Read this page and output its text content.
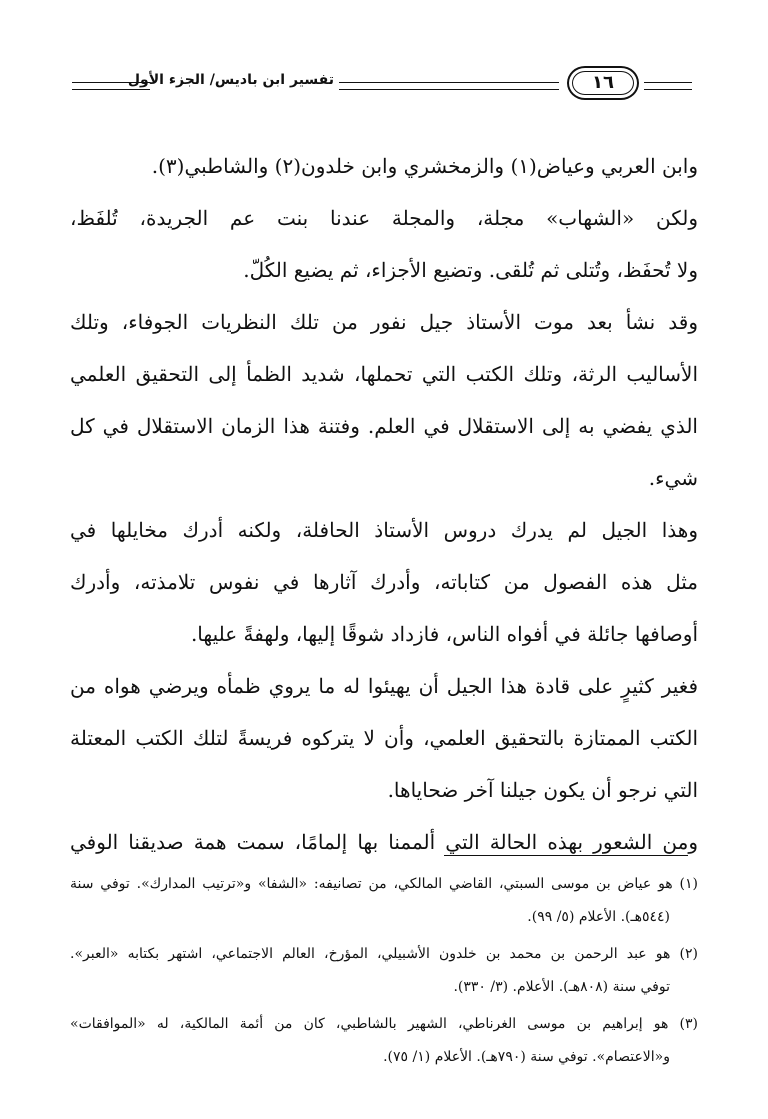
تفسير ابن باديس/ الجزء الأول	١٦
وابن العربي وعياض(١) والزمخشري وابن خلدون(٢) والشاطبي(٣).
ولكن «الشهاب» مجلة، والمجلة عندنا بنت عم الجريدة، تُلفَظ،
ولا تُحفَظ، وتُتلى ثم تُلقى. وتضيع الأجزاء، ثم يضيع الكُلّ.
وقد نشأ بعد موت الأستاذ جيل نفور من تلك النظريات الجوفاء، وتلك
الأساليب الرثة، وتلك الكتب التي تحملها، شديد الظمأ إلى التحقيق العلمي
الذي يفضي به إلى الاستقلال في العلم. وفتنة هذا الزمان الاستقلال في كل
شيء.
وهذا الجيل لم يدرك دروس الأستاذ الحافلة، ولكنه أدرك مخايلها في
مثل هذه الفصول من كتاباته، وأدرك آثارها في نفوس تلامذته، وأدرك
أوصافها جائلة في أفواه الناس، فازداد شوقًا إليها، ولهفةً عليها.
فغير كثيرٍ على قادة هذا الجيل أن يهيئوا له ما يروي ظمأه ويرضي هواه من
الكتب الممتازة بالتحقيق العلمي، وأن لا يتركوه فريسةً لتلك الكتب المعتلة
التي نرجو أن يكون جيلنا آخر ضحاياها.
ومن الشعور بهذه الحالة التي ألممنا بها إلمامًا، سمت همة صديقنا الوفي
(١) هو عياض بن موسى السبتي، القاضي المالكي، من تصانيفه: «الشفا» و«ترتيب المدارك». توفي سنة
(٥٤٤هـ). الأعلام (٥/ ٩٩).
(٢) هو عبد الرحمن بن محمد بن خلدون الأشبيلي، المؤرخ، العالم الاجتماعي، اشتهر بكتابه «العبر».
توفي سنة (٨٠٨هـ). الأعلام. (٣/ ٣٣٠).
(٣) هو إبراهيم بن موسى الغرناطي، الشهير بالشاطبي، كان من أئمة المالكية، له «الموافقات»
و«الاعتصام». توفي سنة (٧٩٠هـ). الأعلام (١/ ٧٥).
